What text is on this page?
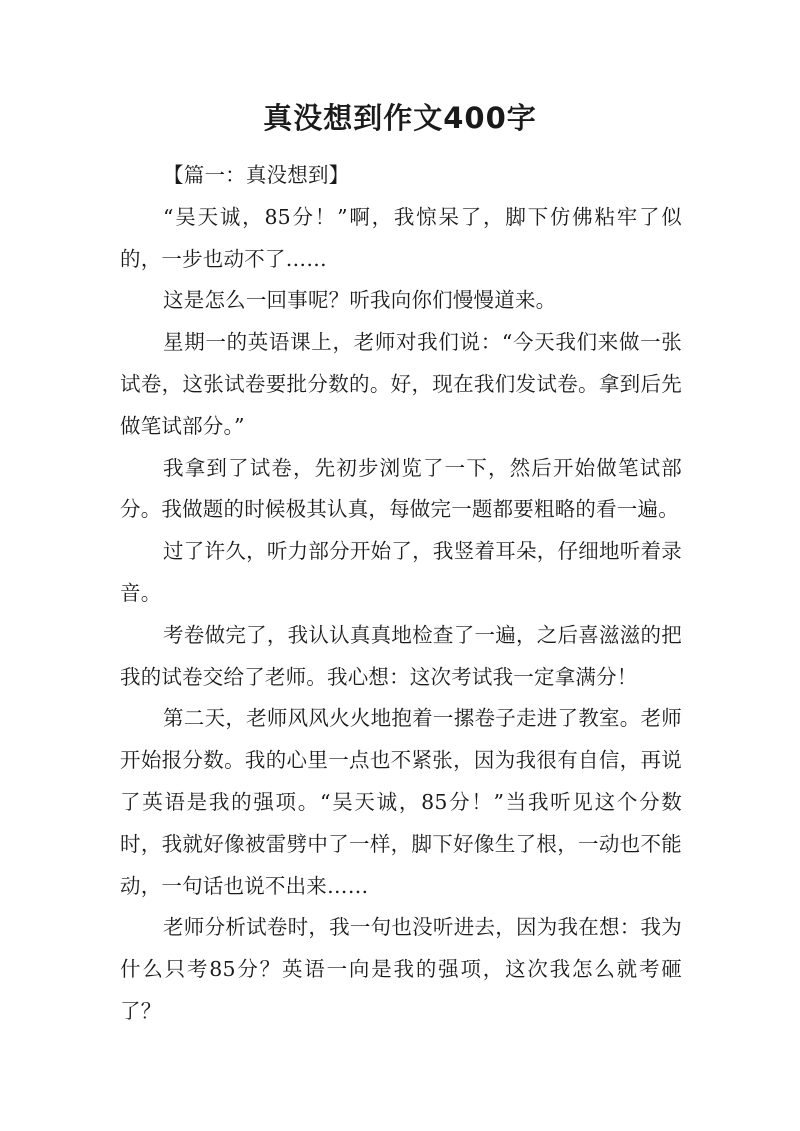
真没想到作文400字

【篇一：真没想到】

“吴天诚，85分！”啊，我惊呆了，脚下仿佛粘牢了似的，一步也动不了……

这是怎么一回事呢？听我向你们慢慢道来。

星期一的英语课上，老师对我们说：“今天我们来做一张试卷，这张试卷要批分数的。好，现在我们发试卷。拿到后先做笔试部分。”

我拿到了试卷，先初步浏览了一下，然后开始做笔试部分。我做题的时候极其认真，每做完一题都要粗略的看一遍。

过了许久，听力部分开始了，我竖着耳朵，仔细地听着录音。

考卷做完了，我认认真真地检查了一遍，之后喜滋滋的把我的试卷交给了老师。我心想：这次考试我一定拿满分！

第二天，老师风风火火地抱着一摞卷子走进了教室。老师开始报分数。我的心里一点也不紧张，因为我很有自信，再说了英语是我的强项。“吴天诚，85分！”当我听见这个分数时，我就好像被雷劈中了一样，脚下好像生了根，一动也不能动，一句话也说不出来……

老师分析试卷时，我一句也没听进去，因为我在想：我为什么只考85分？英语一向是我的强项，这次我怎么就考砸了？
